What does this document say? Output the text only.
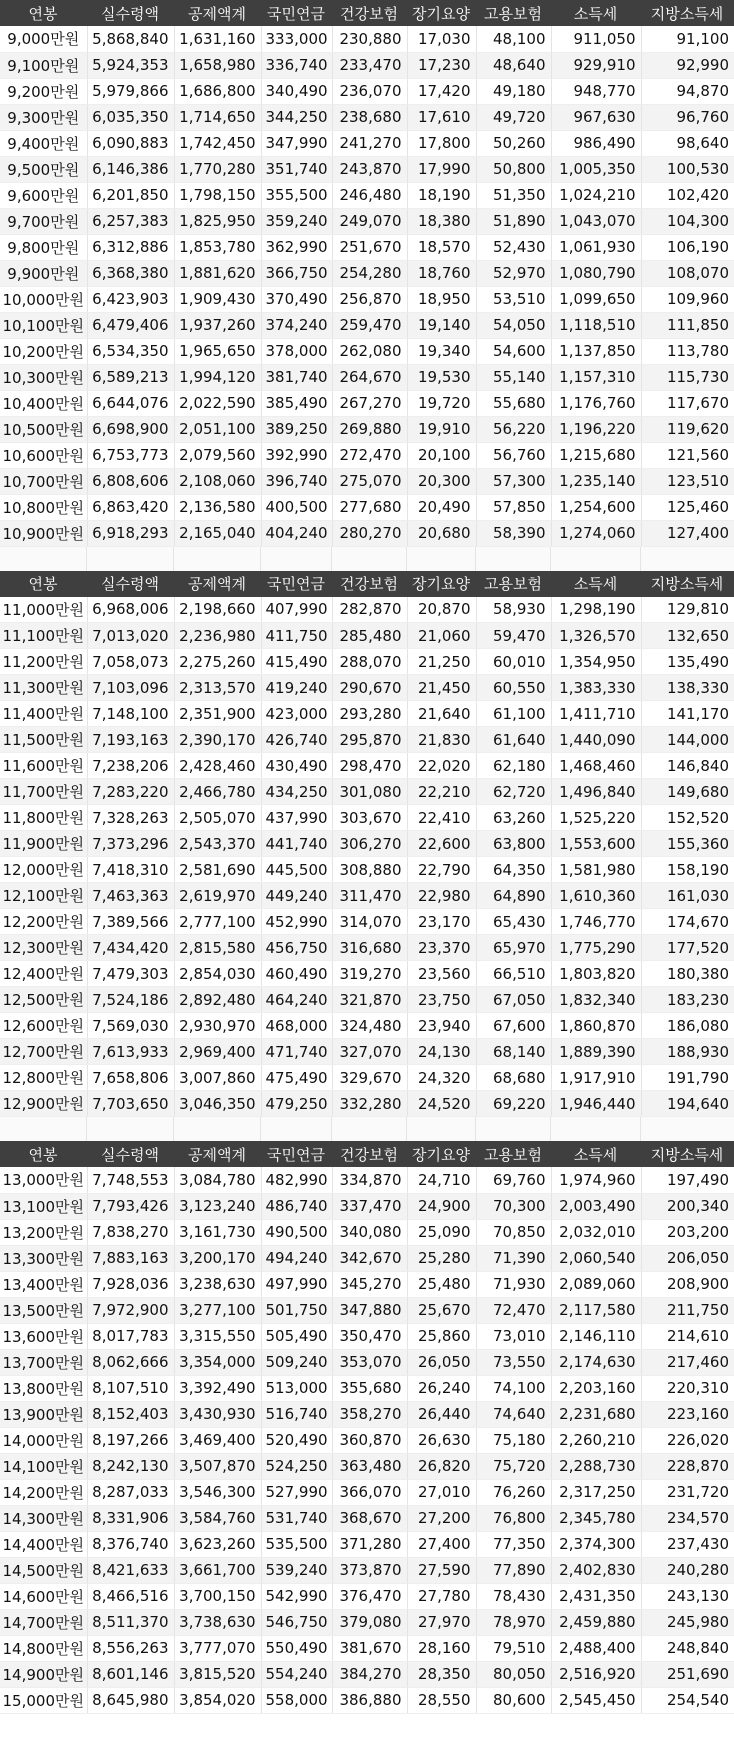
연봉	실수령액	공제액계	국민연금	건강보험	장기요양	고용보험	소득세	지방소득세
9,000만원	5,868,840	1,631,160	333,000	230,880	17,030	48,100	911,050	91,100
9,100만원	5,924,353	1,658,980	336,740	233,470	17,230	48,640	929,910	92,990
9,200만원	5,979,866	1,686,800	340,490	236,070	17,420	49,180	948,770	94,870
9,300만원	6,035,350	1,714,650	344,250	238,680	17,610	49,720	967,630	96,760
9,400만원	6,090,883	1,742,450	347,990	241,270	17,800	50,260	986,490	98,640
9,500만원	6,146,386	1,770,280	351,740	243,870	17,990	50,800	1,005,350	100,530
9,600만원	6,201,850	1,798,150	355,500	246,480	18,190	51,350	1,024,210	102,420
9,700만원	6,257,383	1,825,950	359,240	249,070	18,380	51,890	1,043,070	104,300
9,800만원	6,312,886	1,853,780	362,990	251,670	18,570	52,430	1,061,930	106,190
9,900만원	6,368,380	1,881,620	366,750	254,280	18,760	52,970	1,080,790	108,070
10,000만원	6,423,903	1,909,430	370,490	256,870	18,950	53,510	1,099,650	109,960
10,100만원	6,479,406	1,937,260	374,240	259,470	19,140	54,050	1,118,510	111,850
10,200만원	6,534,350	1,965,650	378,000	262,080	19,340	54,600	1,137,850	113,780
10,300만원	6,589,213	1,994,120	381,740	264,670	19,530	55,140	1,157,310	115,730
10,400만원	6,644,076	2,022,590	385,490	267,270	19,720	55,680	1,176,760	117,670
10,500만원	6,698,900	2,051,100	389,250	269,880	19,910	56,220	1,196,220	119,620
10,600만원	6,753,773	2,079,560	392,990	272,470	20,100	56,760	1,215,680	121,560
10,700만원	6,808,606	2,108,060	396,740	275,070	20,300	57,300	1,235,140	123,510
10,800만원	6,863,420	2,136,580	400,500	277,680	20,490	57,850	1,254,600	125,460
10,900만원	6,918,293	2,165,040	404,240	280,270	20,680	58,390	1,274,060	127,400
연봉	실수령액	공제액계	국민연금	건강보험	장기요양	고용보험	소득세	지방소득세
11,000만원	6,968,006	2,198,660	407,990	282,870	20,870	58,930	1,298,190	129,810
11,100만원	7,013,020	2,236,980	411,750	285,480	21,060	59,470	1,326,570	132,650
11,200만원	7,058,073	2,275,260	415,490	288,070	21,250	60,010	1,354,950	135,490
11,300만원	7,103,096	2,313,570	419,240	290,670	21,450	60,550	1,383,330	138,330
11,400만원	7,148,100	2,351,900	423,000	293,280	21,640	61,100	1,411,710	141,170
11,500만원	7,193,163	2,390,170	426,740	295,870	21,830	61,640	1,440,090	144,000
11,600만원	7,238,206	2,428,460	430,490	298,470	22,020	62,180	1,468,460	146,840
11,700만원	7,283,220	2,466,780	434,250	301,080	22,210	62,720	1,496,840	149,680
11,800만원	7,328,263	2,505,070	437,990	303,670	22,410	63,260	1,525,220	152,520
11,900만원	7,373,296	2,543,370	441,740	306,270	22,600	63,800	1,553,600	155,360
12,000만원	7,418,310	2,581,690	445,500	308,880	22,790	64,350	1,581,980	158,190
12,100만원	7,463,363	2,619,970	449,240	311,470	22,980	64,890	1,610,360	161,030
12,200만원	7,389,566	2,777,100	452,990	314,070	23,170	65,430	1,746,770	174,670
12,300만원	7,434,420	2,815,580	456,750	316,680	23,370	65,970	1,775,290	177,520
12,400만원	7,479,303	2,854,030	460,490	319,270	23,560	66,510	1,803,820	180,380
12,500만원	7,524,186	2,892,480	464,240	321,870	23,750	67,050	1,832,340	183,230
12,600만원	7,569,030	2,930,970	468,000	324,480	23,940	67,600	1,860,870	186,080
12,700만원	7,613,933	2,969,400	471,740	327,070	24,130	68,140	1,889,390	188,930
12,800만원	7,658,806	3,007,860	475,490	329,670	24,320	68,680	1,917,910	191,790
12,900만원	7,703,650	3,046,350	479,250	332,280	24,520	69,220	1,946,440	194,640
연봉	실수령액	공제액계	국민연금	건강보험	장기요양	고용보험	소득세	지방소득세
13,000만원	7,748,553	3,084,780	482,990	334,870	24,710	69,760	1,974,960	197,490
13,100만원	7,793,426	3,123,240	486,740	337,470	24,900	70,300	2,003,490	200,340
13,200만원	7,838,270	3,161,730	490,500	340,080	25,090	70,850	2,032,010	203,200
13,300만원	7,883,163	3,200,170	494,240	342,670	25,280	71,390	2,060,540	206,050
13,400만원	7,928,036	3,238,630	497,990	345,270	25,480	71,930	2,089,060	208,900
13,500만원	7,972,900	3,277,100	501,750	347,880	25,670	72,470	2,117,580	211,750
13,600만원	8,017,783	3,315,550	505,490	350,470	25,860	73,010	2,146,110	214,610
13,700만원	8,062,666	3,354,000	509,240	353,070	26,050	73,550	2,174,630	217,460
13,800만원	8,107,510	3,392,490	513,000	355,680	26,240	74,100	2,203,160	220,310
13,900만원	8,152,403	3,430,930	516,740	358,270	26,440	74,640	2,231,680	223,160
14,000만원	8,197,266	3,469,400	520,490	360,870	26,630	75,180	2,260,210	226,020
14,100만원	8,242,130	3,507,870	524,250	363,480	26,820	75,720	2,288,730	228,870
14,200만원	8,287,033	3,546,300	527,990	366,070	27,010	76,260	2,317,250	231,720
14,300만원	8,331,906	3,584,760	531,740	368,670	27,200	76,800	2,345,780	234,570
14,400만원	8,376,740	3,623,260	535,500	371,280	27,400	77,350	2,374,300	237,430
14,500만원	8,421,633	3,661,700	539,240	373,870	27,590	77,890	2,402,830	240,280
14,600만원	8,466,516	3,700,150	542,990	376,470	27,780	78,430	2,431,350	243,130
14,700만원	8,511,370	3,738,630	546,750	379,080	27,970	78,970	2,459,880	245,980
14,800만원	8,556,263	3,777,070	550,490	381,670	28,160	79,510	2,488,400	248,840
14,900만원	8,601,146	3,815,520	554,240	384,270	28,350	80,050	2,516,920	251,690
15,000만원	8,645,980	3,854,020	558,000	386,880	28,550	80,600	2,545,450	254,540
